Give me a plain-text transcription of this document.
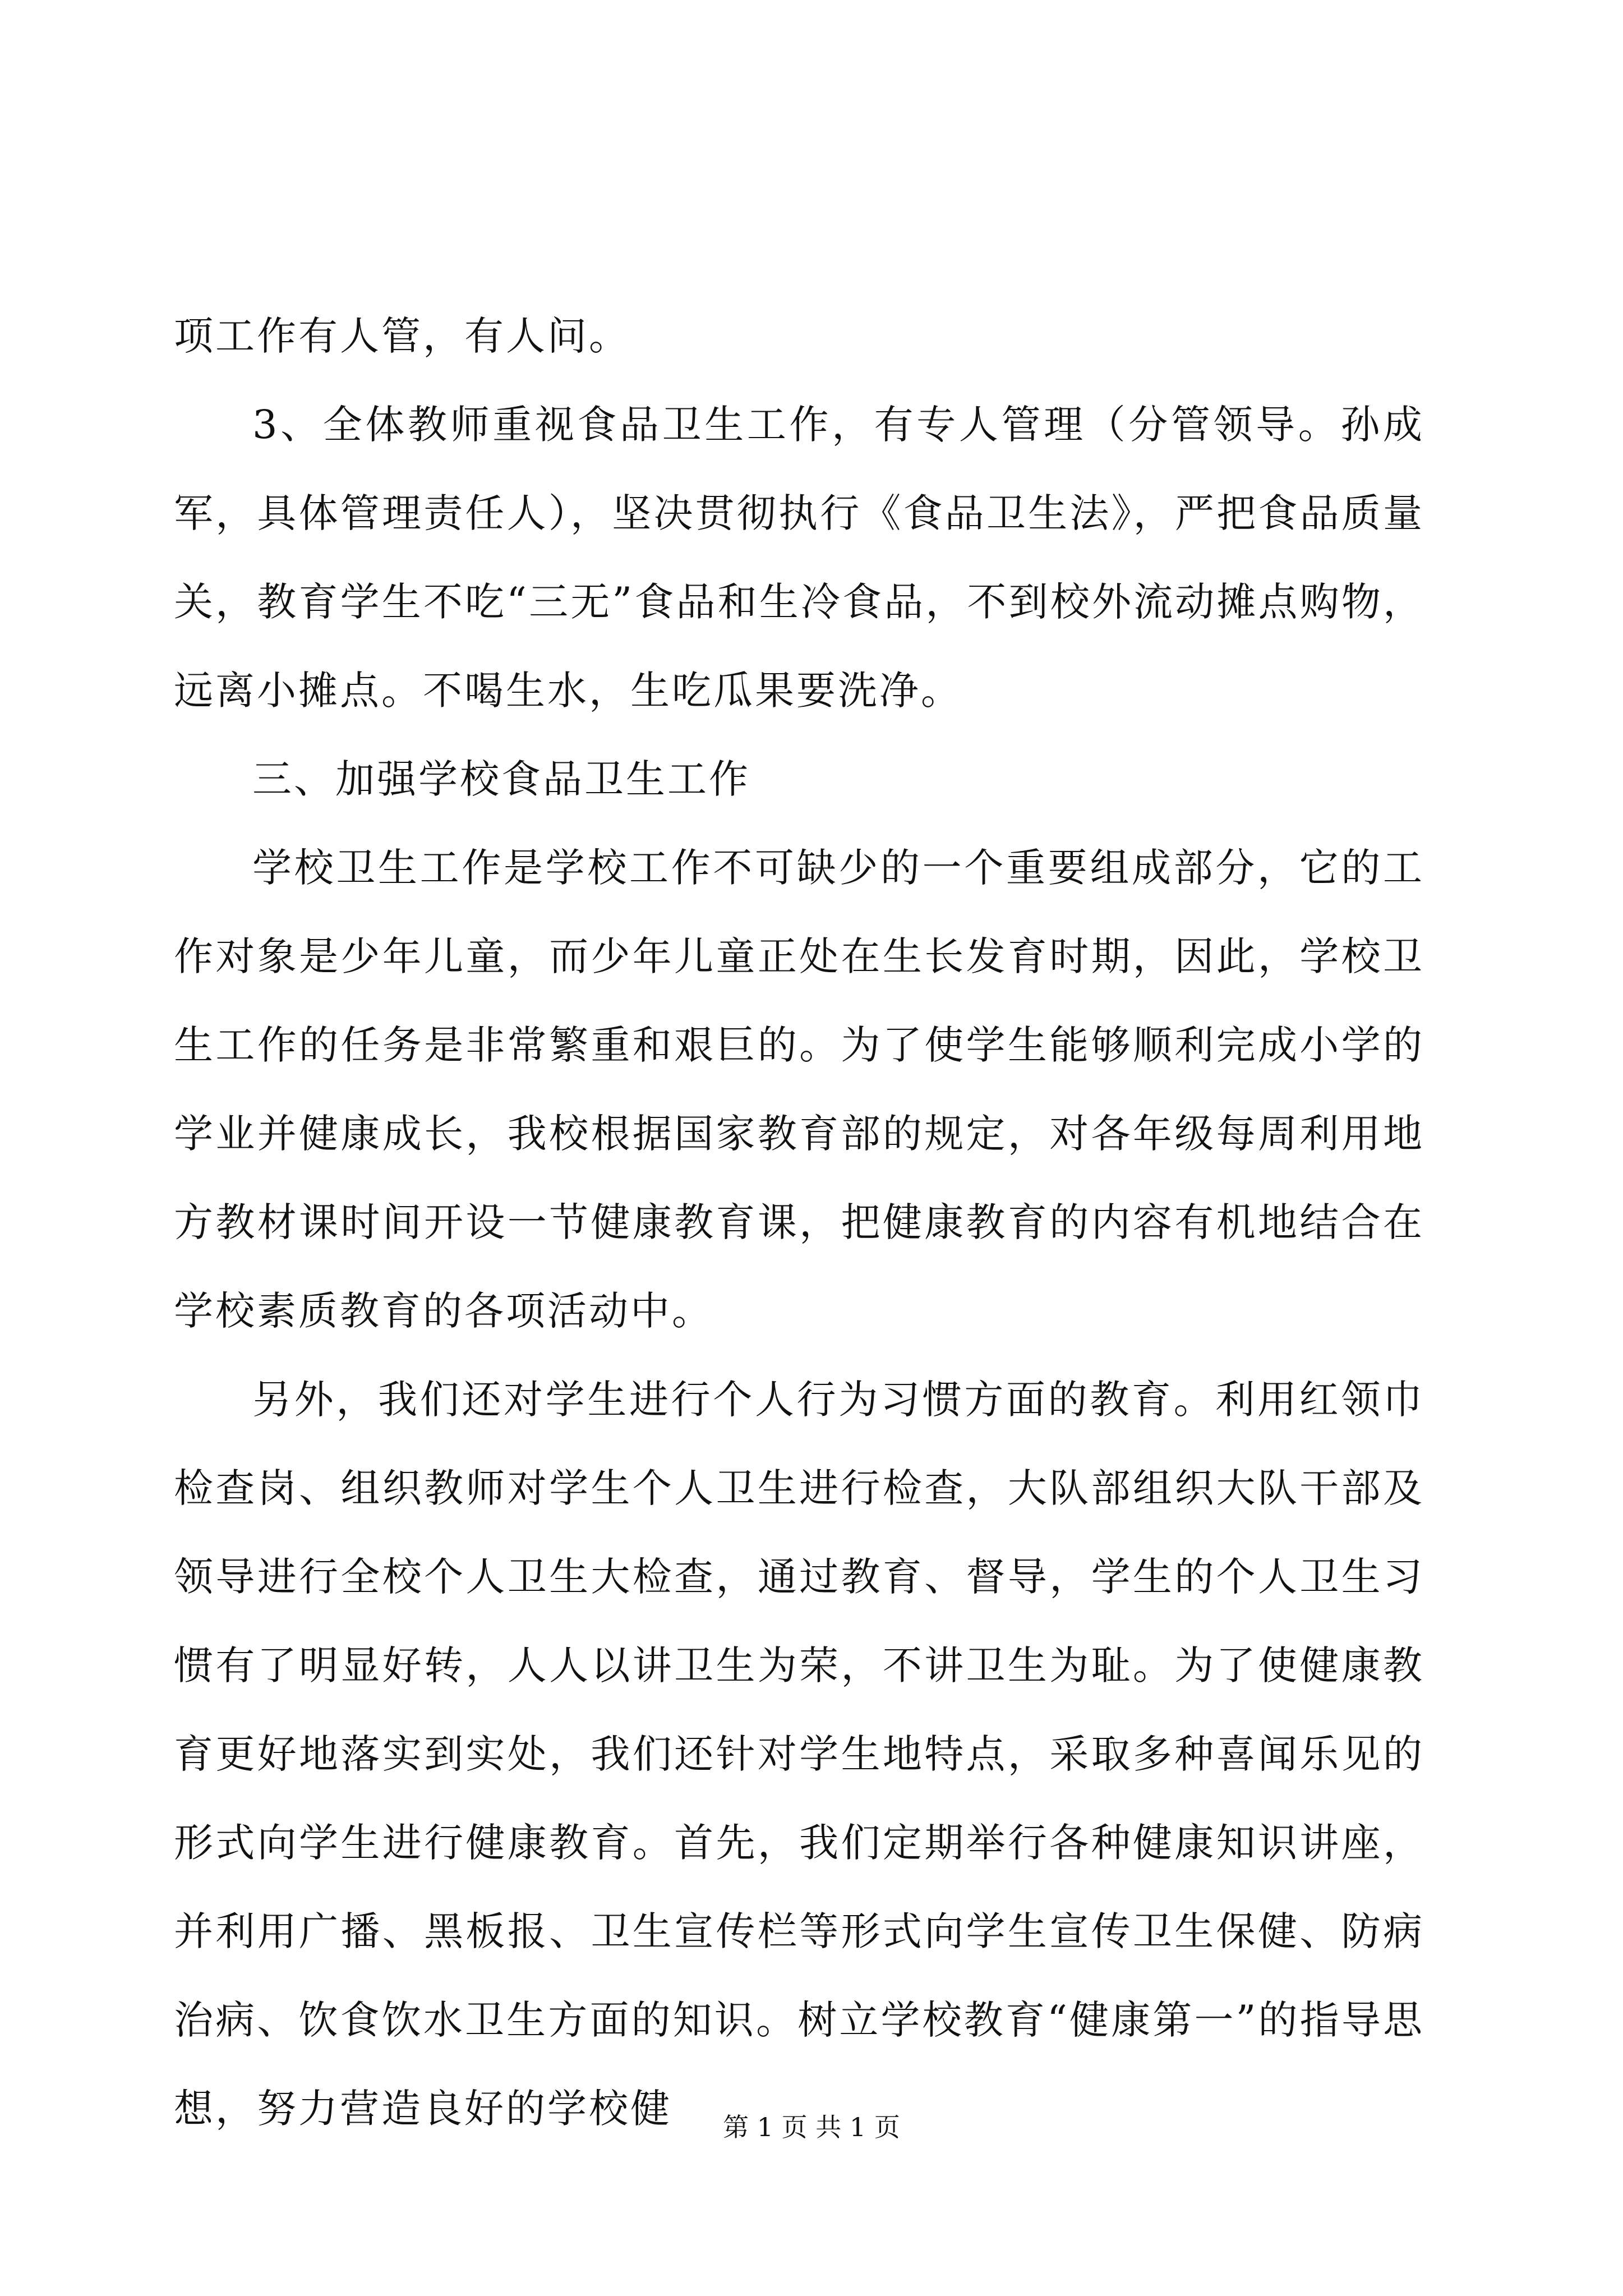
项工作有人管，有人问。

3、全体教师重视食品卫生工作，有专人管理（分管领导。孙成军，具体管理责任人），坚决贯彻执行《食品卫生法》，严把食品质量关，教育学生不吃“三无”食品和生冷食品，不到校外流动摊点购物，远离小摊点。不喝生水，生吃瓜果要洗净。

三、加强学校食品卫生工作

学校卫生工作是学校工作不可缺少的一个重要组成部分，它的工作对象是少年儿童，而少年儿童正处在生长发育时期，因此，学校卫生工作的任务是非常繁重和艰巨的。为了使学生能够顺利完成小学的学业并健康成长，我校根据国家教育部的规定，对各年级每周利用地方教材课时间开设一节健康教育课，把健康教育的内容有机地结合在学校素质教育的各项活动中。

另外，我们还对学生进行个人行为习惯方面的教育。利用红领巾检查岗、组织教师对学生个人卫生进行检查，大队部组织大队干部及领导进行全校个人卫生大检查，通过教育、督导，学生的个人卫生习惯有了明显好转，人人以讲卫生为荣，不讲卫生为耻。为了使健康教育更好地落实到实处，我们还针对学生地特点，采取多种喜闻乐见的形式向学生进行健康教育。首先，我们定期举行各种健康知识讲座，并利用广播、黑板报、卫生宣传栏等形式向学生宣传卫生保健、防病治病、饮食饮水卫生方面的知识。树立学校教育“健康第一”的指导思想，努力营造良好的学校健	第 1 页 共 1 页
